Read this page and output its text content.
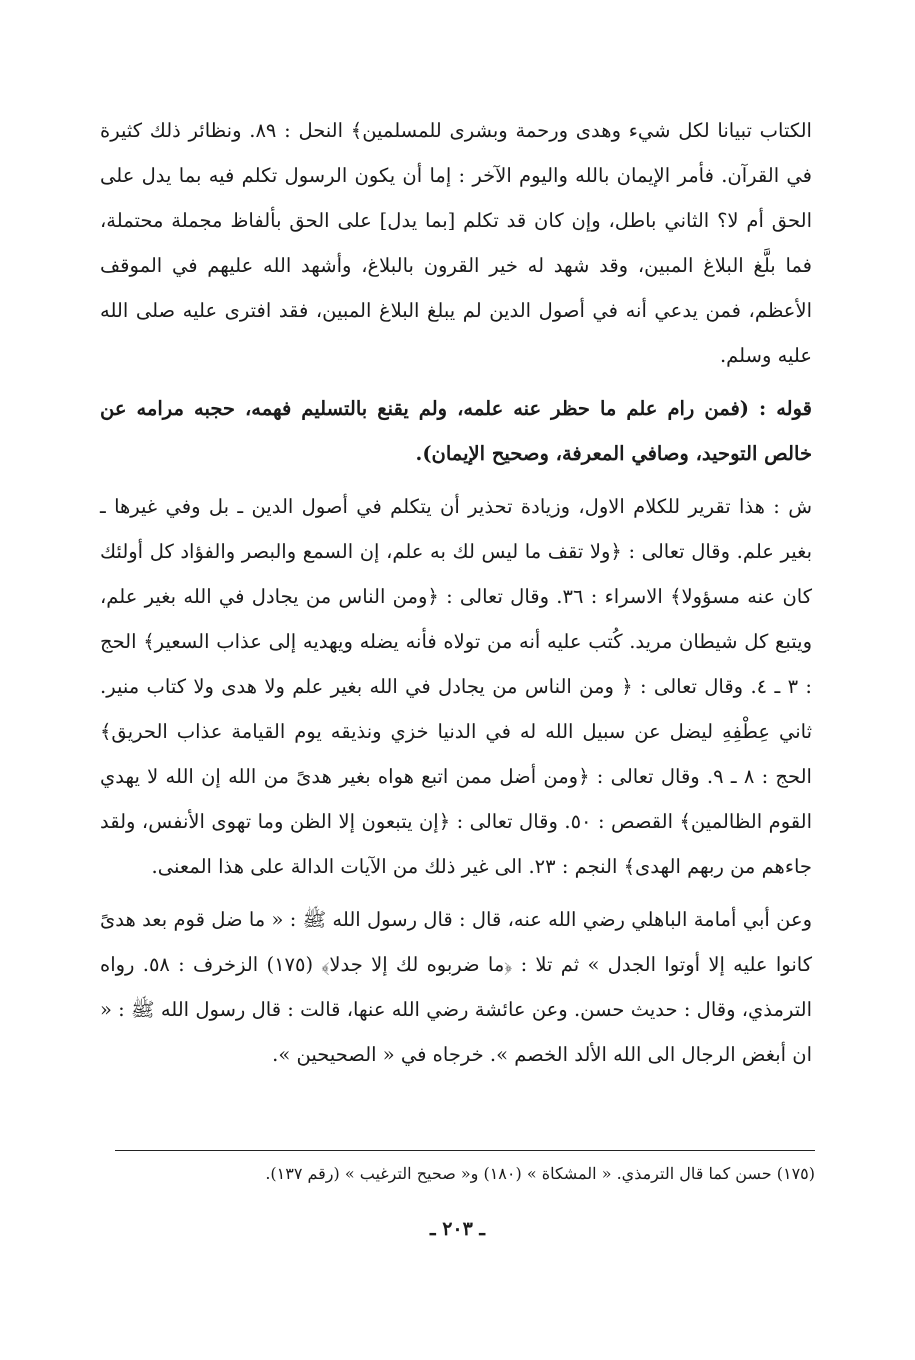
الكتاب تبيانا لكل شيء وهدى ورحمة وبشرى للمسلمين﴾ النحل : ٨٩. ونظائر ذلك كثيرة في القرآن. فأمر الإيمان بالله واليوم الآخر : إما أن يكون الرسول تكلم فيه بما يدل على الحق أم لا؟ الثاني باطل، وإن كان قد تكلم [بما يدل] على الحق بألفاظ مجملة محتملة، فما بلَّغ البلاغ المبين، وقد شهد له خير القرون بالبلاغ، وأشهد الله عليهم في الموقف الأعظم، فمن يدعي أنه في أصول الدين لم يبلغ البلاغ المبين، فقد افترى عليه صلى الله عليه وسلم.

قوله : (فمن رام علم ما حظر عنه علمه، ولم يقنع بالتسليم فهمه، حجبه مرامه عن خالص التوحيد، وصافي المعرفة، وصحيح الإيمان).

ش : هذا تقرير للكلام الاول، وزيادة تحذير أن يتكلم في أصول الدين ـ بل وفي غيرها ـ بغير علم. وقال تعالى : ﴿ولا تقف ما ليس لك به علم، إن السمع والبصر والفؤاد كل أولئك كان عنه مسؤولا﴾ الاسراء : ٣٦. وقال تعالى : ﴿ومن الناس من يجادل في الله بغير علم، ويتبع كل شيطان مريد. كُتب عليه أنه من تولاه فأنه يضله ويهديه إلى عذاب السعير﴾ الحج : ٣ ـ ٤. وقال تعالى : ﴿ ومن الناس من يجادل في الله بغير علم ولا هدى ولا كتاب منير. ثاني عِطْفِهِ ليضل عن سبيل الله له في الدنيا خزي ونذيقه يوم القيامة عذاب الحريق﴾ الحج : ٨ ـ ٩. وقال تعالى : ﴿ومن أضل ممن اتبع هواه بغير هدىً من الله إن الله لا يهدي القوم الظالمين﴾ القصص : ٥٠. وقال تعالى : ﴿إن يتبعون إلا الظن وما تهوى الأنفس، ولقد جاءهم من ربهم الهدى﴾ النجم : ٢٣. الى غير ذلك من الآيات الدالة على هذا المعنى.

وعن أبي أمامة الباهلي رضي الله عنه، قال : قال رسول الله ﷺ : « ما ضل قوم بعد هدىً كانوا عليه إلا أوتوا الجدل » ثم تلا : ﴿ما ضربوه لك إلا جدلا﴾ (١٧٥) الزخرف : ٥٨. رواه الترمذي، وقال : حديث حسن. وعن عائشة رضي الله عنها، قالت : قال رسول الله ﷺ : « ان أبغض الرجال الى الله الألد الخصم ». خرجاه في « الصحيحين ».

(١٧٥) حسن كما قال الترمذي. « المشكاة » (١٨٠) و« صحيح الترغيب » (رقم ١٣٧).
ـ ٢٠٣ ـ
